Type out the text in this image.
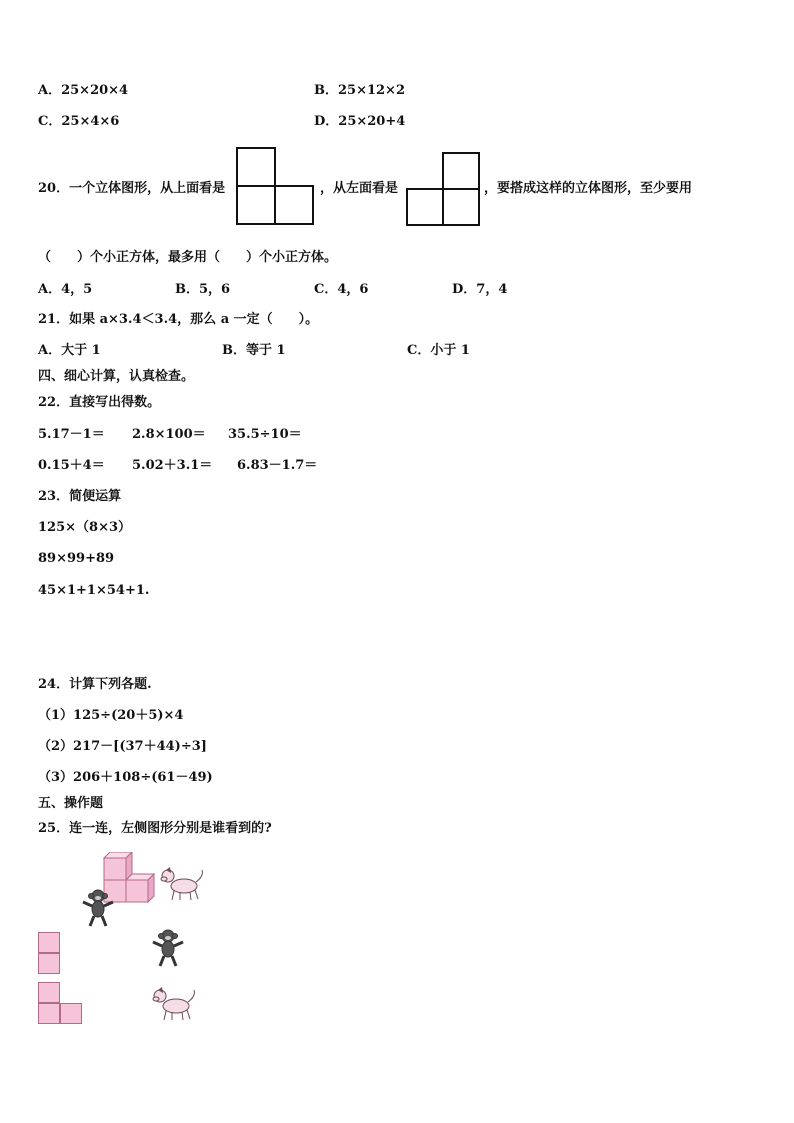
A．25×20×4	B．25×12×2
C．25×4×6	D．25×20+4
20．一个立体图形，从上面看是	，从左面看是	，要搭成这样的立体图形，至少要用
（　　）个小正方体，最多用（　　）个小正方体。
A．4，5	B．5，6	C．4，6	D．7，4
21．如果 a×3.4＜3.4，那么 a 一定（　　）。
A．大于 1	B．等于 1	C．小于 1
四、细心计算，认真检查。
22．直接写出得数。
5.17－1＝ 2.8×100＝ 35.5÷10＝
0.15＋4＝ 5.02＋3.1＝ 6.83－1.7＝
23．简便运算
125×（8×3）
89×99+89
45×1+1×54+1.
24．计算下列各题.
（1）125÷(20＋5)×4
（2）217－[(37＋44)÷3]
（3）206＋108÷(61－49)
五、操作题
25．连一连，左侧图形分别是谁看到的?
